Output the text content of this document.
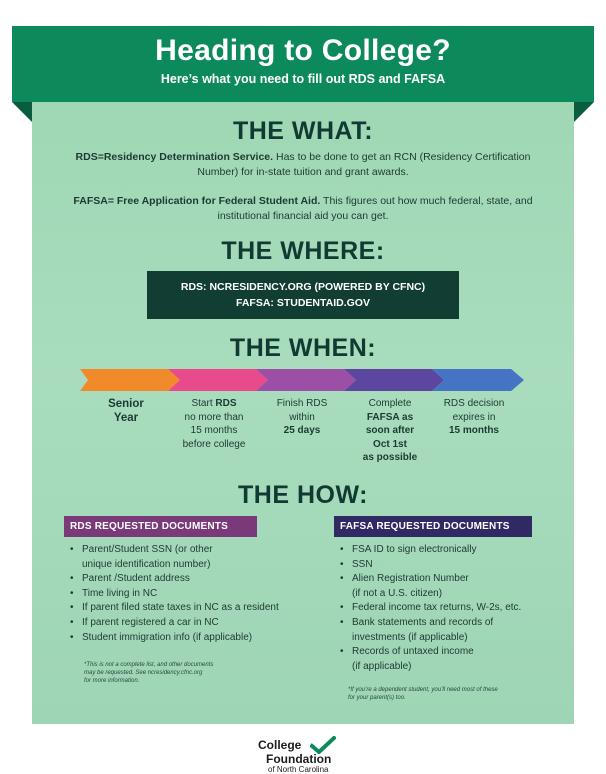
Heading to College?

Here’s what you need to fill out RDS and FAFSA

THE WHAT:
RDS=Residency Determination Service. Has to be done to get an RCN (Residency Certification Number) for in-state tuition and grant awards.
FAFSA= Free Application for Federal Student Aid. This figures out how much federal, state, and institutional financial aid you can get.
THE WHERE:
RDS: NCRESIDENCY.ORG (POWERED BY CFNC)
FAFSA: STUDENTAID.GOV
THE WHEN:
Senior
Year
Start RDS
no more than
15 months
before college
Finish RDS
within
25 days
Complete
FAFSA as
soon after
Oct 1st
as possible
RDS decision
expires in
15 months
THE HOW:
RDS REQUESTED DOCUMENTS
• Parent/Student SSN (or other
unique identification number)
• Parent /Student address
• Time living in NC
• If parent filed state taxes in NC as a resident
• If parent registered a car in NC
• Student immigration info (if applicable)
*This is not a complete list, and other documents
may be requested. See ncresidency.cfnc.org
for more information.
FAFSA REQUESTED DOCUMENTS
• FSA ID to sign electronically
• SSN
• Alien Registration Number
(if not a U.S. citizen)
• Federal income tax returns, W-2s, etc.
• Bank statements and records of
investments (if applicable)
• Records of untaxed income
(if applicable)
*If you’re a dependent student, you’ll need most of these
for your parent(s) too.
College
Foundation
of North Carolina
